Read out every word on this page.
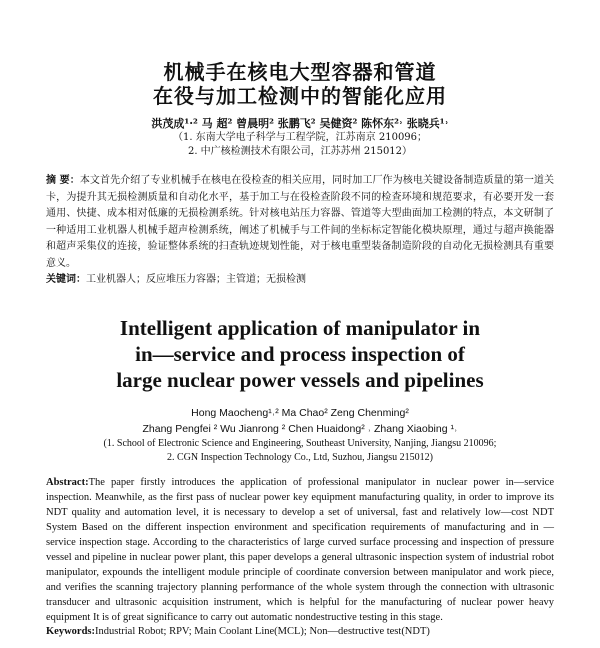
机械手在核电大型容器和管道
在役与加工检测中的智能化应用
洪茂成¹·² 马 超² 曾晨明² 张鹏飞² 吴健资² 陈怀东²˒ 张晓兵¹˒
（1. 东南大学电子科学与工程学院，江苏南京 210096；
2. 中广核检测技术有限公司，江苏苏州 215012）
摘 要：本文首先介绍了专业机械手在核电在役检查的相关应用，同时加工厂作为核电关键设备制造质量的第一道关卡，为提升其无损检测质量和自动化水平，基于加工与在役检查阶段不同的检查环境和规范要求，有必要开发一套通用、快捷、成本相对低廉的无损检测系统。针对核电站压力容器、管道等大型曲面加工检测的特点，本文研制了一种适用工业机器人机械手超声检测系统，阐述了机械手与工件间的坐标标定智能化模块原理，通过与超声换能器和超声采集仪的连接，验证整体系统的扫查轨迹规划性能，对于核电重型装备制造阶段的自动化无损检测具有重要意义。
关键词：工业机器人；反应堆压力容器；主管道；无损检测
Intelligent application of manipulator in
in—service and process inspection of
large nuclear power vessels and pipelines
Hong Maocheng¹˒² Ma Chao² Zeng Chenming²
Zhang Pengfei ² Wu Jianrong ² Chen Huaidong² ˒ Zhang Xiaobing ¹˒
(1. School of Electronic Science and Engineering, Southeast University, Nanjing, Jiangsu 210096;
2. CGN Inspection Technology Co., Ltd, Suzhou, Jiangsu 215012)
Abstract:The paper firstly introduces the application of professional manipulator in nuclear power in—service inspection. Meanwhile, as the first pass of nuclear power key equipment manufacturing quality, in order to improve its NDT quality and automation level, it is necessary to develop a set of universal, fast and relatively low—cost NDT System Based on the different inspection environment and specification requirements of manufacturing and in — service inspection stage. According to the characteristics of large curved surface processing and inspection of pressure vessel and pipeline in nuclear power plant, this paper develops a general ultrasonic inspection system of industrial robot manipulator, expounds the intelligent module principle of coordinate conversion between manipulator and work piece, and verifies the scanning trajectory planning performance of the whole system through the connection with ultrasonic transducer and ultrasonic acquisition instrument, which is helpful for the manufacturing of nuclear power heavy equipment It is of great significance to carry out automatic nondestructive testing in this stage.
Keywords:Industrial Robot; RPV; Main Coolant Line(MCL); Non—destructive test(NDT)
